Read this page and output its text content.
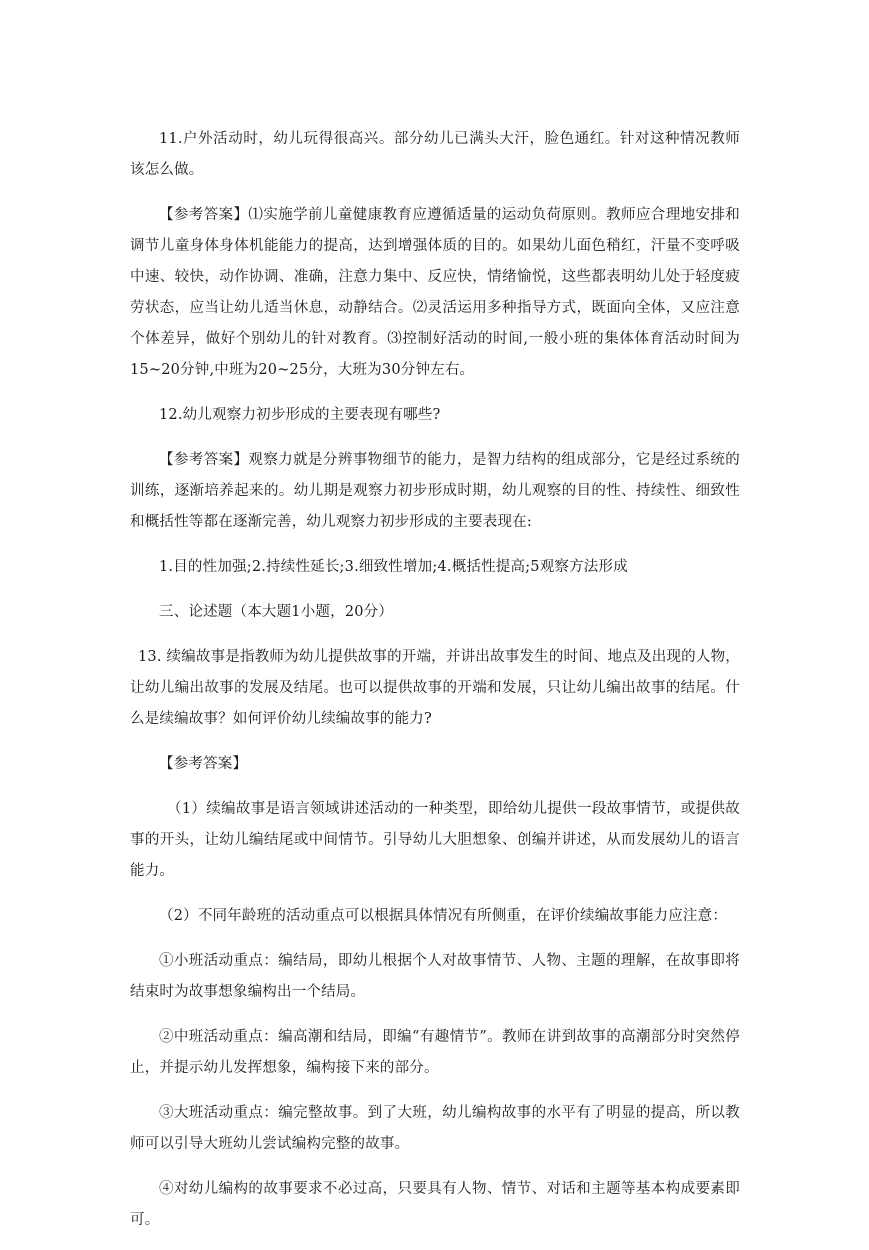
11.户外活动时，幼儿玩得很高兴。部分幼儿已满头大汗，脸色通红。针对这种情况教师该怎么做。

【参考答案】⑴实施学前儿童健康教育应遵循适量的运动负荷原则。教师应合理地安排和调节儿童身体身体机能能力的提高，达到增强体质的目的。如果幼儿面色稍红，汗量不变呼吸中速、较快，动作协调、准确，注意力集中、反应快，情绪愉悦，这些都表明幼儿处于轻度疲劳状态，应当让幼儿适当休息，动静结合。⑵灵活运用多种指导方式，既面向全体，又应注意个体差异，做好个别幼儿的针对教育。⑶控制好活动的时间,一般小班的集体体育活动时间为15~20分钟,中班为20~25分，大班为30分钟左右。

12.幼儿观察力初步形成的主要表现有哪些?

【参考答案】观察力就是分辨事物细节的能力，是智力结构的组成部分，它是经过系统的训练，逐渐培养起来的。幼儿期是观察力初步形成时期，幼儿观察的目的性、持续性、细致性和概括性等都在逐渐完善，幼儿观察力初步形成的主要表现在:

1.目的性加强;2.持续性延长;3.细致性增加;4.概括性提高;5观察方法形成

三、论述题（本大题1小题，20分）

13. 续编故事是指教师为幼儿提供故事的开端，并讲出故事发生的时间、地点及出现的人物，让幼儿编出故事的发展及结尾。也可以提供故事的开端和发展，只让幼儿编出故事的结尾。什么是续编故事？如何评价幼儿续编故事的能力?

【参考答案】

（1）续编故事是语言领域讲述活动的一种类型，即给幼儿提供一段故事情节，或提供故事的开头，让幼儿编结尾或中间情节。引导幼儿大胆想象、创编并讲述，从而发展幼儿的语言能力。

（2）不同年龄班的活动重点可以根据具体情况有所侧重，在评价续编故事能力应注意：

①小班活动重点：编结局，即幼儿根据个人对故事情节、人物、主题的理解，在故事即将结束时为故事想象编构出一个结局。

②中班活动重点：编高潮和结局，即编“有趣情节”。教师在讲到故事的高潮部分时突然停止，并提示幼儿发挥想象，编构接下来的部分。

③大班活动重点：编完整故事。到了大班，幼儿编构故事的水平有了明显的提高，所以教师可以引导大班幼儿尝试编构完整的故事。

④对幼儿编构的故事要求不必过高，只要具有人物、情节、对话和主题等基本构成要素即可。
